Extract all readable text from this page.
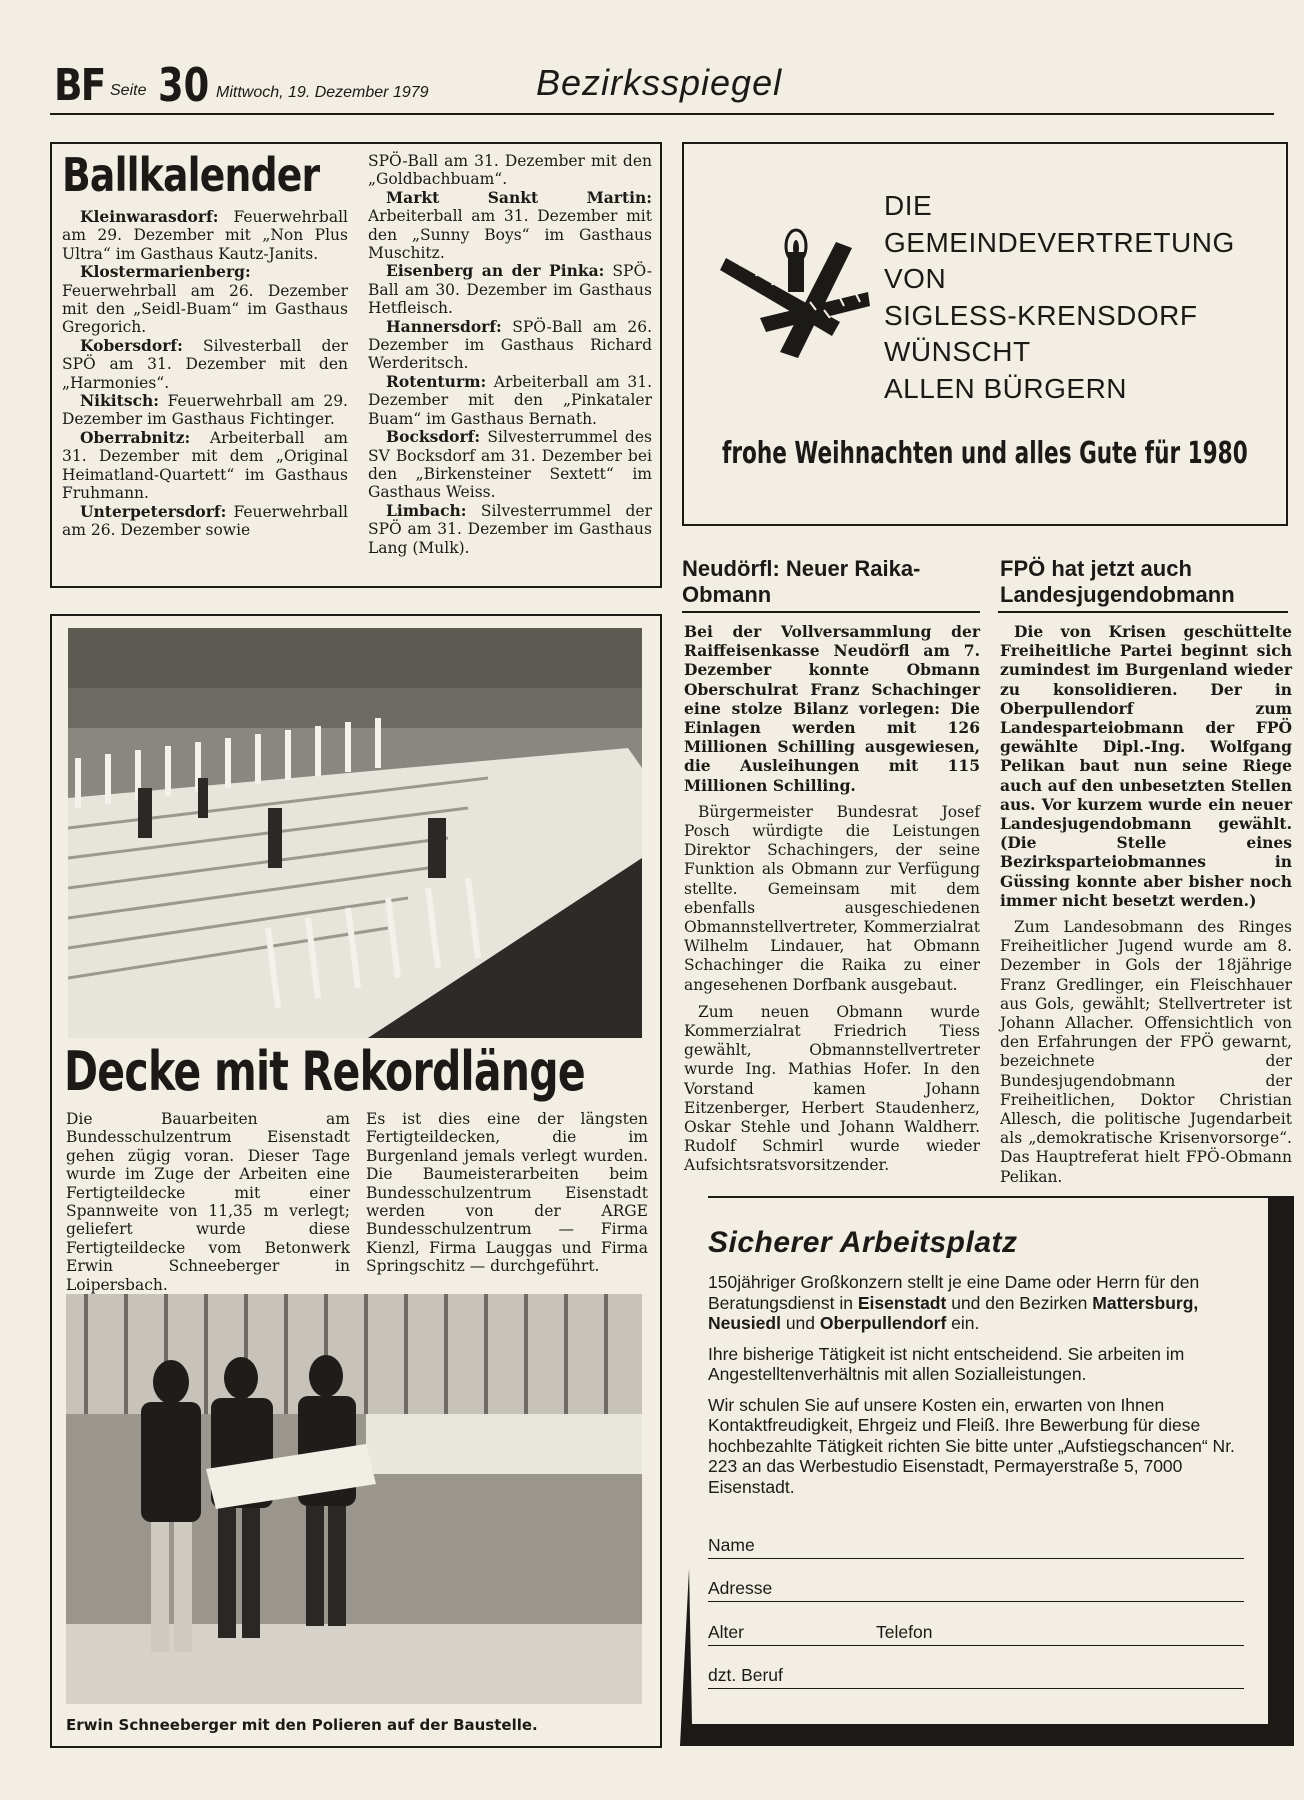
BF Seite 30 Mittwoch, 19. Dezember 1979	Bezirksspiegel
Ballkalender

Kleinwarasdorf: Feuerwehrball am 29. Dezember mit „Non Plus Ultra“ im Gasthaus Kautz-Janits.

Klostermarienberg: Feuerwehrball am 26. Dezember mit den „Seidl-Buam“ im Gasthaus Gregorich.

Kobersdorf: Silvesterball der SPÖ am 31. Dezember mit den „Harmonies“.

Nikitsch: Feuerwehrball am 29. Dezember im Gasthaus Fichtinger.

Oberrabnitz: Arbeiterball am 31. Dezember mit dem „Original Heimatland-Quartett“ im Gasthaus Fruhmann.

Unterpetersdorf: Feuerwehrball am 26. Dezember sowie

SPÖ-Ball am 31. Dezember mit den „Goldbachbuam“.

Markt Sankt Martin: Arbeiterball am 31. Dezember mit den „Sunny Boys“ im Gasthaus Muschitz.

Eisenberg an der Pinka: SPÖ-Ball am 30. Dezember im Gasthaus Hetfleisch.

Hannersdorf: SPÖ-Ball am 26. Dezember im Gasthaus Richard Werderitsch.

Rotenturm: Arbeiterball am 31. Dezember mit den „Pinkataler Buam“ im Gasthaus Bernath.

Bocksdorf: Silvesterrummel des SV Bocksdorf am 31. Dezember bei den „Birkensteiner Sextett“ im Gasthaus Weiss.

Limbach: Silvesterrummel der SPÖ am 31. Dezember im Gasthaus Lang (Mulk).

DIE
GEMEINDEVERTRETUNG
VON
SIGLESS-KRENSDORF
WÜNSCHT
ALLEN BÜRGERN
frohe Weihnachten und alles Gute für 1980
Neudörfl: Neuer Raika-Obmann

Bei der Vollversammlung der Raiffeisenkasse Neudörfl am 7. Dezember konnte Obmann Oberschulrat Franz Schachinger eine stolze Bilanz vorlegen: Die Einlagen werden mit 126 Millionen Schilling ausgewiesen, die Ausleihungen mit 115 Millionen Schilling.

Bürgermeister Bundesrat Josef Posch würdigte die Leistungen Direktor Schachingers, der seine Funktion als Obmann zur Verfügung stellte. Gemeinsam mit dem ebenfalls ausgeschiedenen Obmannstellvertreter, Kommerzialrat Wilhelm Lindauer, hat Obmann Schachinger die Raika zu einer angesehenen Dorfbank ausgebaut.

Zum neuen Obmann wurde Kommerzialrat Friedrich Tiess gewählt, Obmannstellvertreter wurde Ing. Mathias Hofer. In den Vorstand kamen Johann Eitzenberger, Herbert Staudenherz, Oskar Stehle und Johann Waldherr. Rudolf Schmirl wurde wieder Aufsichtsratsvorsitzender.

FPÖ hat jetzt auch Landesjugendobmann

Die von Krisen geschüttelte Freiheitliche Partei beginnt sich zumindest im Burgenland wieder zu konsolidieren. Der in Oberpullendorf zum Landesparteiobmann der FPÖ gewählte Dipl.-Ing. Wolfgang Pelikan baut nun seine Riege auch auf den unbesetzten Stellen aus. Vor kurzem wurde ein neuer Landesjugendobmann gewählt. (Die Stelle eines Bezirksparteiobmannes in Güssing konnte aber bisher noch immer nicht besetzt werden.)

Zum Landesobmann des Ringes Freiheitlicher Jugend wurde am 8. Dezember in Gols der 18jährige Franz Gredlinger, ein Fleischhauer aus Gols, gewählt; Stellvertreter ist Johann Allacher. Offensichtlich von den Erfahrungen der FPÖ gewarnt, bezeichnete der Bundesjugendobmann der Freiheitlichen, Doktor Christian Allesch, die politische Jugendarbeit als „demokratische Krisenvorsorge“. Das Hauptreferat hielt FPÖ-Obmann Pelikan.

Decke mit Rekordlänge
Die Bauarbeiten am Bundesschulzentrum Eisenstadt gehen zügig voran. Dieser Tage wurde im Zuge der Arbeiten eine Fertigteildecke mit einer Spannweite von 11,35 m verlegt; geliefert wurde diese Fertigteildecke vom Betonwerk Erwin Schneeberger in Loipersbach.
Es ist dies eine der längsten Fertigteildecken, die im Burgenland jemals verlegt wurden. Die Baumeisterarbeiten beim Bundesschulzentrum Eisenstadt werden von der ARGE Bundesschulzentrum — Firma Kienzl, Firma Lauggas und Firma Springschitz — durchgeführt.
Erwin Schneeberger mit den Polieren auf der Baustelle.
Sicherer Arbeitsplatz

150jähriger Großkonzern stellt je eine Dame oder Herrn für den Beratungsdienst in Eisenstadt und den Bezirken Mattersburg, Neusiedl und Oberpullendorf ein.

Ihre bisherige Tätigkeit ist nicht entscheidend. Sie arbeiten im Angestelltenverhältnis mit allen Sozialleistungen.

Wir schulen Sie auf unsere Kosten ein, erwarten von Ihnen Kontaktfreudigkeit, Ehrgeiz und Fleiß. Ihre Bewerbung für diese hochbezahlte Tätigkeit richten Sie bitte unter „Aufstiegschancen“ Nr. 223 an das Werbestudio Eisenstadt, Permayerstraße 5, 7000 Eisenstadt.

Name
Adresse
Alter	Telefon
dzt. Beruf
